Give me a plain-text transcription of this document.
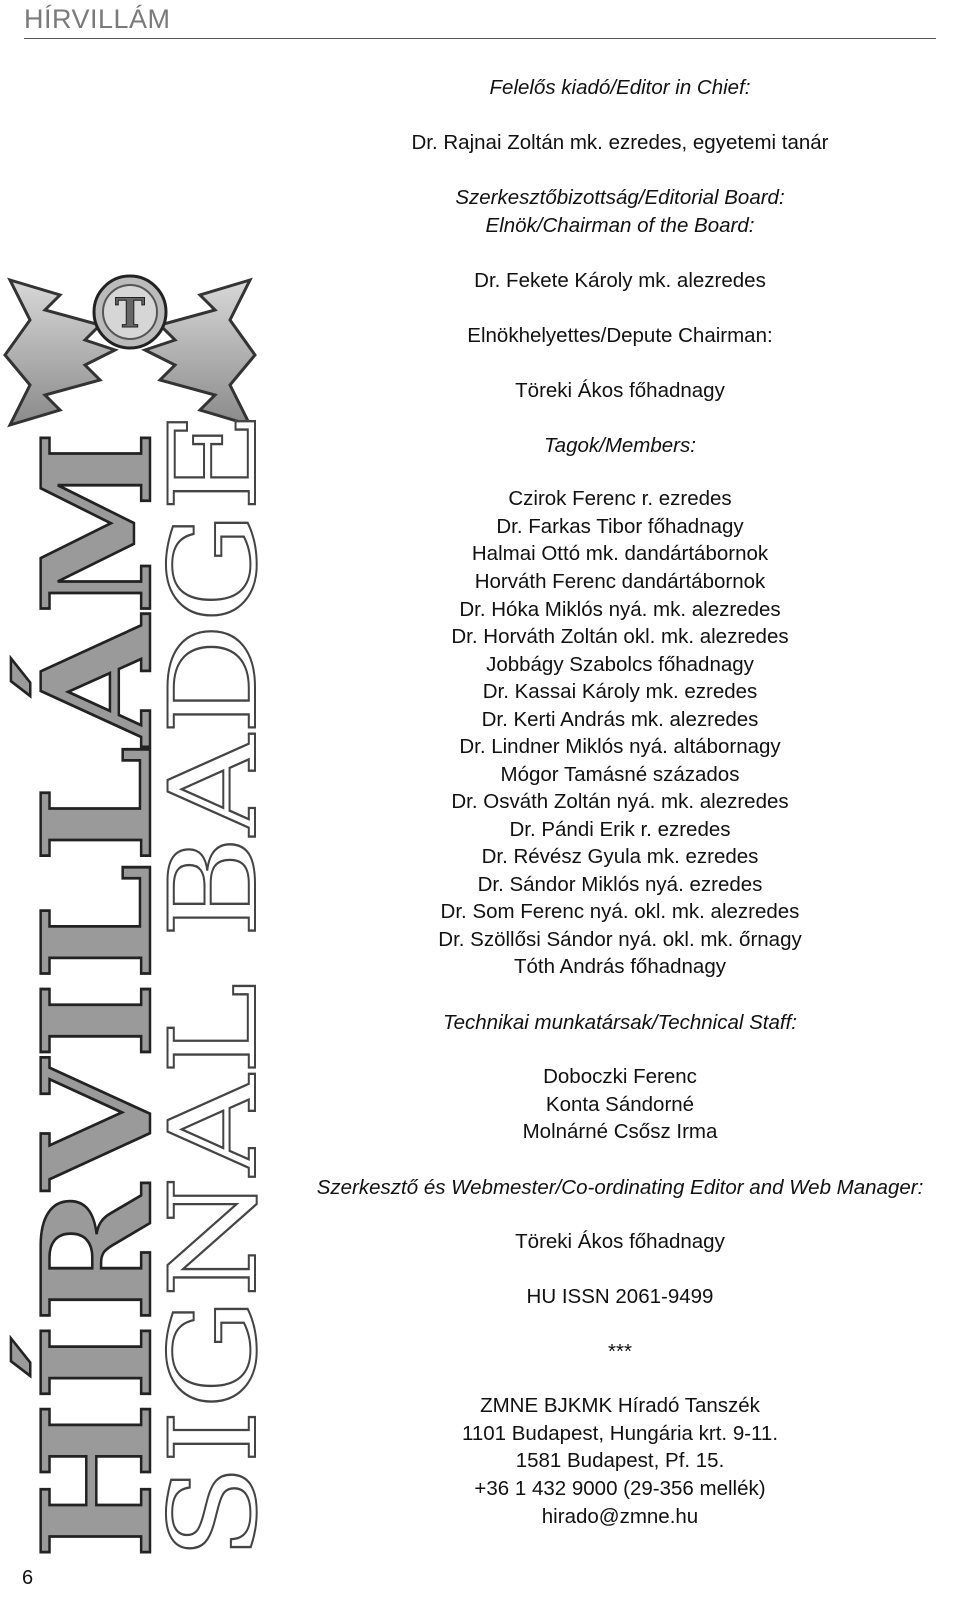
HÍRVILLÁM
T
HÍRVILLÁM
SIGNAL BADGE
Felelős kiadó/Editor in Chief:
Dr. Rajnai Zoltán mk. ezredes, egyetemi tanár
Szerkesztőbizottság/Editorial Board:
Elnök/Chairman of the Board:
Dr. Fekete Károly mk. alezredes
Elnökhelyettes/Depute Chairman:
Töreki Ákos főhadnagy
Tagok/Members:
Czirok Ferenc r. ezredes
Dr. Farkas Tibor főhadnagy
Halmai Ottó mk. dandártábornok
Horváth Ferenc dandártábornok
Dr. Hóka Miklós nyá. mk. alezredes
Dr. Horváth Zoltán okl. mk. alezredes
Jobbágy Szabolcs főhadnagy
Dr. Kassai Károly mk. ezredes
Dr. Kerti András mk. alezredes
Dr. Lindner Miklós nyá. altábornagy
Mógor Tamásné százados
Dr. Osváth Zoltán nyá. mk. alezredes
Dr. Pándi Erik r. ezredes
Dr. Révész Gyula mk. ezredes
Dr. Sándor Miklós nyá. ezredes
Dr. Som Ferenc nyá. okl. mk. alezredes
Dr. Szöllősi Sándor nyá. okl. mk. őrnagy
Tóth András főhadnagy
Technikai munkatársak/Technical Staff:
Doboczki Ferenc
Konta Sándorné
Molnárné Csősz Irma
Szerkesztő és Webmester/Co-ordinating Editor and Web Manager:
Töreki Ákos főhadnagy
HU ISSN 2061-9499
***
ZMNE BJKMK Híradó Tanszék
1101 Budapest, Hungária krt. 9-11.
1581 Budapest, Pf. 15.
+36 1 432 9000 (29-356 mellék)
hirado@zmne.hu
6
